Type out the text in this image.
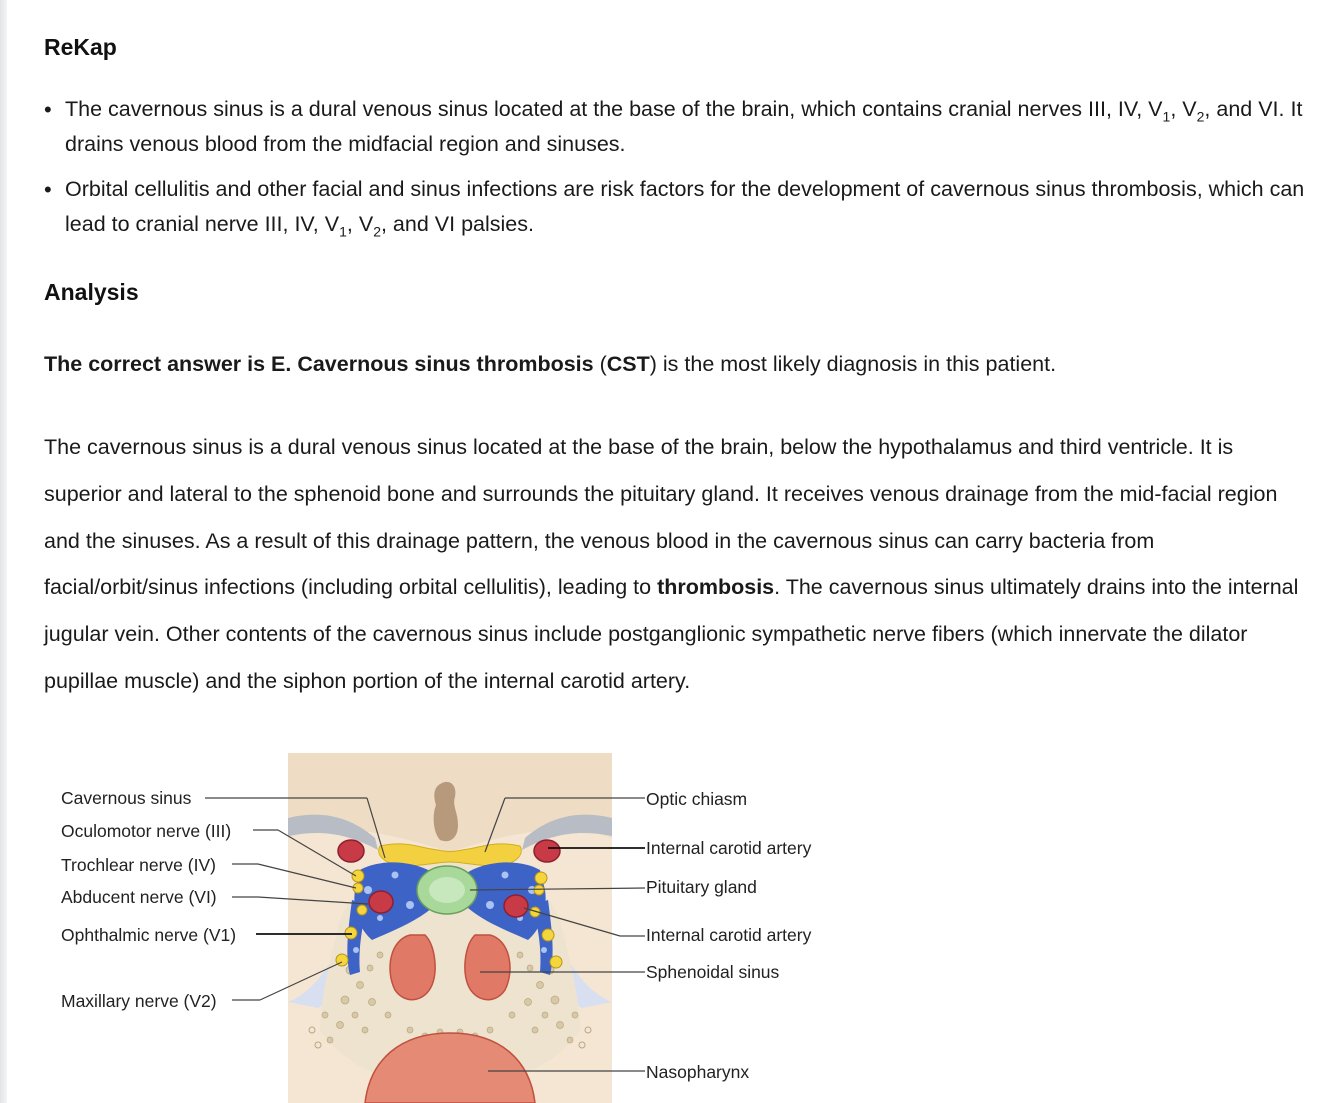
ReKap
• The cavernous sinus is a dural venous sinus located at the base of the brain, which contains cranial nerves III, IV, $V_1$, $V_2$, and VI. It drains venous blood from the midfacial region and sinuses.
• Orbital cellulitis and other facial and sinus infections are risk factors for the development of cavernous sinus thrombosis, which can lead to cranial nerve III, IV, $V_1$, $V_2$, and VI palsies.
Analysis

The correct answer is E. Cavernous sinus thrombosis (CST) is the most likely diagnosis in this patient.

The cavernous sinus is a dural venous sinus located at the base of the brain, below the hypothalamus and third ventricle. It is superior and lateral to the sphenoid bone and surrounds the pituitary gland. It receives venous drainage from the mid-facial region and the sinuses. As a result of this drainage pattern, the venous blood in the cavernous sinus can carry bacteria from facial/orbit/sinus infections (including orbital cellulitis), leading to thrombosis. The cavernous sinus ultimately drains into the internal jugular vein. Other contents of the cavernous sinus include postganglionic sympathetic nerve fibers (which innervate the dilator pupillae muscle) and the siphon portion of the internal carotid artery.

Cavernous sinus
Oculomotor nerve (III)
Trochlear nerve (IV)
Abducent nerve (VI)
Ophthalmic nerve (V1)
Maxillary nerve (V2)
Optic chiasm
Internal carotid artery
Pituitary gland
Internal carotid artery
Sphenoidal sinus
Nasopharynx
